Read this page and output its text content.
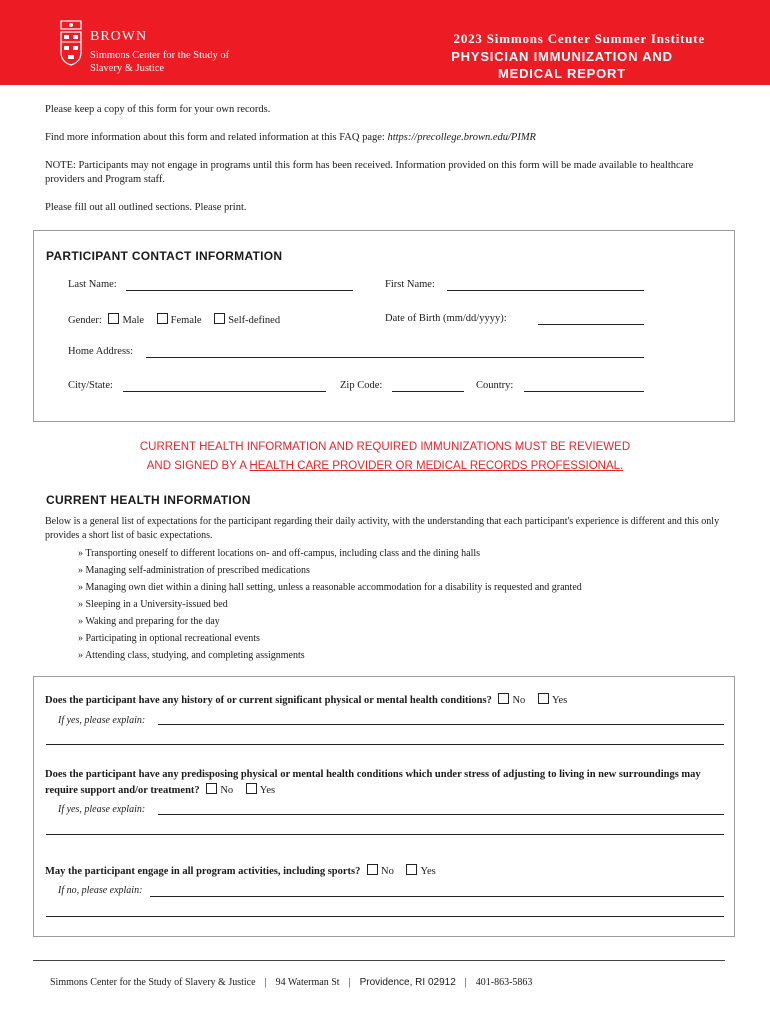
BROWN
Simmons Center for the Study of Slavery & Justice
2023 Simmons Center Summer Institute
PHYSICIAN IMMUNIZATION AND MEDICAL REPORT
Please keep a copy of this form for your own records.
Find more information about this form and related information at this FAQ page: https://precollege.brown.edu/PIMR
NOTE: Participants may not engage in programs until this form has been received. Information provided on this form will be made available to healthcare providers and Program staff.
Please fill out all outlined sections. Please print.
PARTICIPANT CONTACT INFORMATION
Last Name:	First Name:
Gender: Male	Female	Self-defined	Date of Birth (mm/dd/yyyy):
Home Address:
City/State:	Zip Code:	Country:
CURRENT HEALTH INFORMATION AND REQUIRED IMMUNIZATIONS MUST BE REVIEWED
AND SIGNED BY A HEALTH CARE PROVIDER OR MEDICAL RECORDS PROFESSIONAL.
CURRENT HEALTH INFORMATION
Below is a general list of expectations for the participant regarding their daily activity, with the understanding that each participant's experience is different and this only provides a short list of basic expectations.
» Transporting oneself to different locations on- and off-campus, including class and the dining halls
» Managing self-administration of prescribed medications
» Managing own diet within a dining hall setting, unless a reasonable accommodation for a disability is requested and granted
» Sleeping in a University-issued bed
» Waking and preparing for the day
» Participating in optional recreational events
» Attending class, studying, and completing assignments
Does the participant have any history of or current significant physical or mental health conditions? No	Yes
If yes, please explain:
Does the participant have any predisposing physical or mental health conditions which under stress of adjusting to living in new surroundings may require support and/or treatment? No	Yes
If yes, please explain:
May the participant engage in all program activities, including sports? No	Yes
If no, please explain:
Simmons Center for the Study of Slavery & Justice | 94 Waterman St | Providence, RI 02912 | 401-863-5863
